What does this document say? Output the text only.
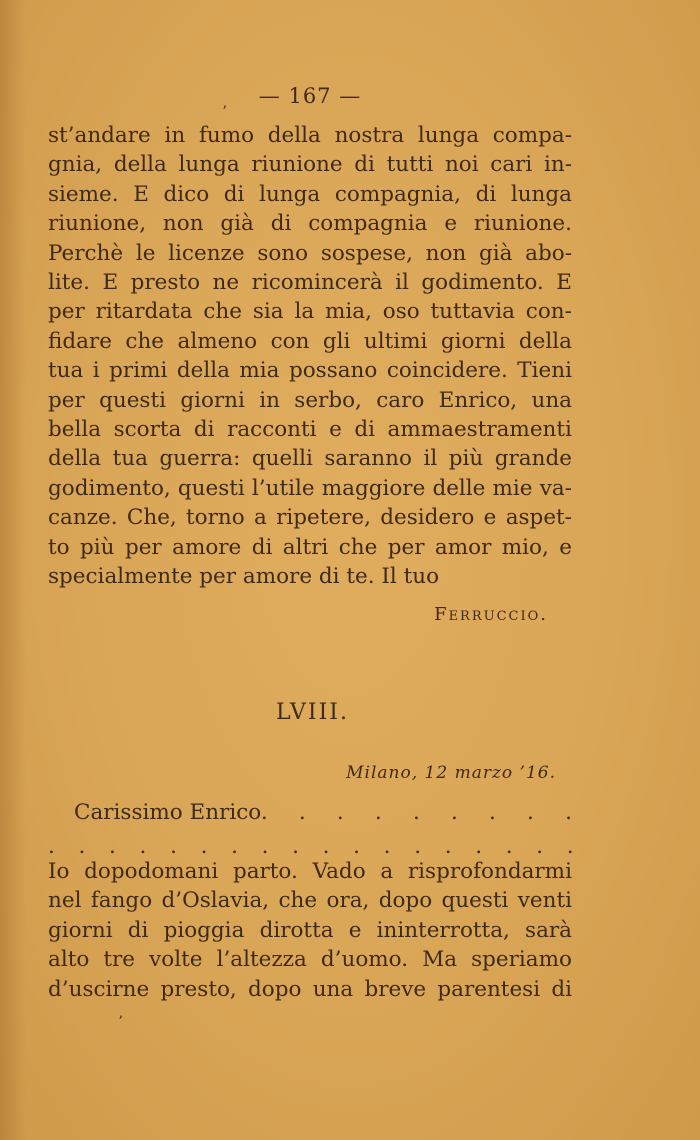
— 167 —
ʼ
st’andare in fumo della nostra lunga compa-
gnia, della lunga riunione di tutti noi cari in-
sieme. E dico di lunga compagnia, di lunga
riunione, non già di compagnia e riunione.
Perchè le licenze sono sospese, non già abo-
lite. E presto ne ricomincerà il godimento. E
per ritardata che sia la mia, oso tuttavia con-
fidare che almeno con gli ultimi giorni della
tua i primi della mia possano coincidere. Tieni
per questi giorni in serbo, caro Enrico, una
bella scorta di racconti e di ammaestramenti
della tua guerra: quelli saranno il più grande
godimento, questi l’utile maggiore delle mie va-
canze. Che, torno a ripetere, desidero e aspet-
to più per amore di altri che per amor mio, e
specialmente per amore di te. Il tuo
Ferruccio.
LVIII.
Milano, 12 marzo ’16.
Carissimo Enrico. . . . . . . . .
. . . . . . . . . . . . . . . . . .
Io dopodomani parto. Vado a risprofondarmi
nel fango d’Oslavia, che ora, dopo questi venti
giorni di pioggia dirotta e ininterrotta, sarà
alto tre volte l’altezza d’uomo. Ma speriamo
d’uscirne presto, dopo una breve parentesi di
ʼ
